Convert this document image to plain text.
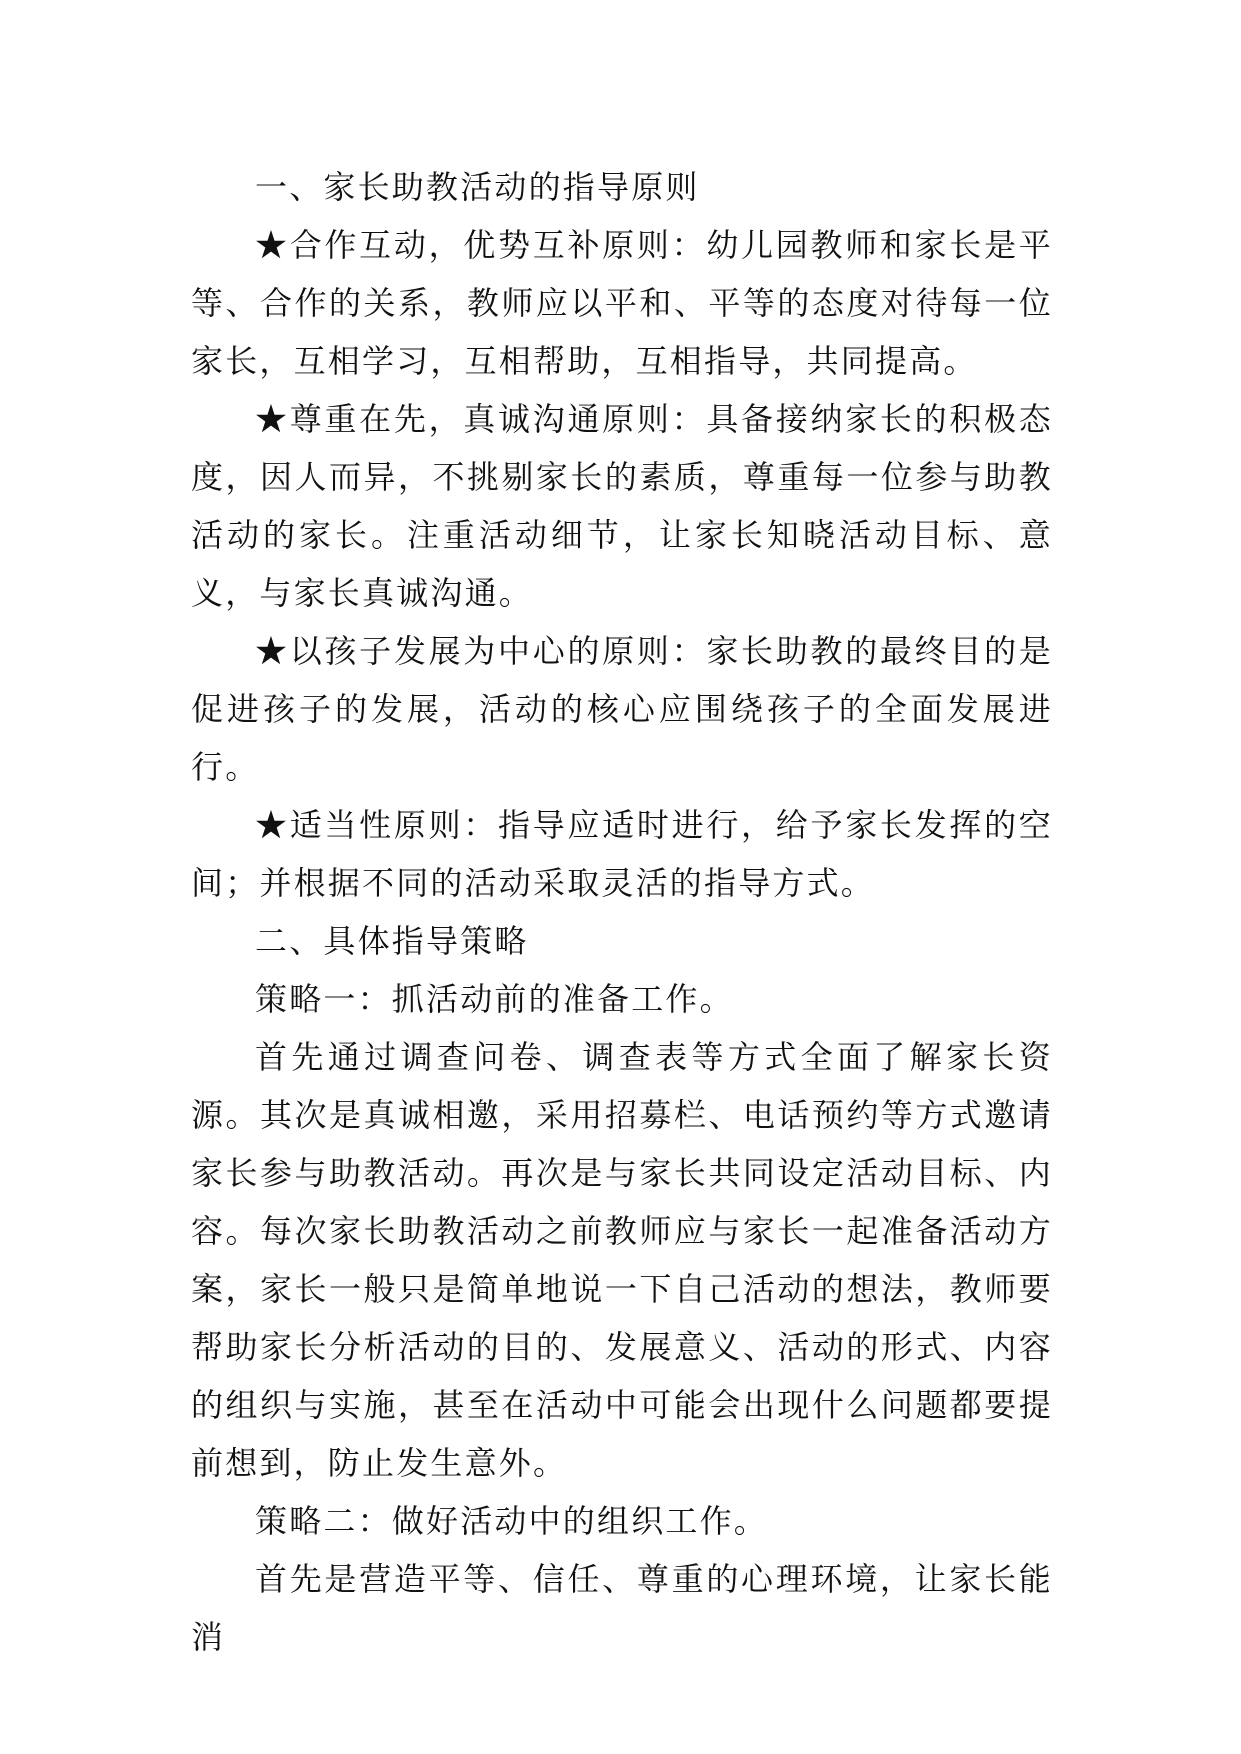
一、家长助教活动的指导原则

★合作互动，优势互补原则：幼儿园教师和家长是平等、合作的关系，教师应以平和、平等的态度对待每一位家长，互相学习，互相帮助，互相指导，共同提高。

★尊重在先，真诚沟通原则：具备接纳家长的积极态度，因人而异，不挑剔家长的素质，尊重每一位参与助教活动的家长。注重活动细节，让家长知晓活动目标、意义，与家长真诚沟通。

★以孩子发展为中心的原则：家长助教的最终目的是促进孩子的发展，活动的核心应围绕孩子的全面发展进行。

★适当性原则：指导应适时进行，给予家长发挥的空间；并根据不同的活动采取灵活的指导方式。

二、具体指导策略

策略一：抓活动前的准备工作。

首先通过调查问卷、调查表等方式全面了解家长资源。其次是真诚相邀，采用招募栏、电话预约等方式邀请家长参与助教活动。再次是与家长共同设定活动目标、内容。每次家长助教活动之前教师应与家长一起准备活动方案，家长一般只是简单地说一下自己活动的想法，教师要帮助家长分析活动的目的、发展意义、活动的形式、内容的组织与实施，甚至在活动中可能会出现什么问题都要提前想到，防止发生意外。

策略二：做好活动中的组织工作。

首先是营造平等、信任、尊重的心理环境，让家长能消
